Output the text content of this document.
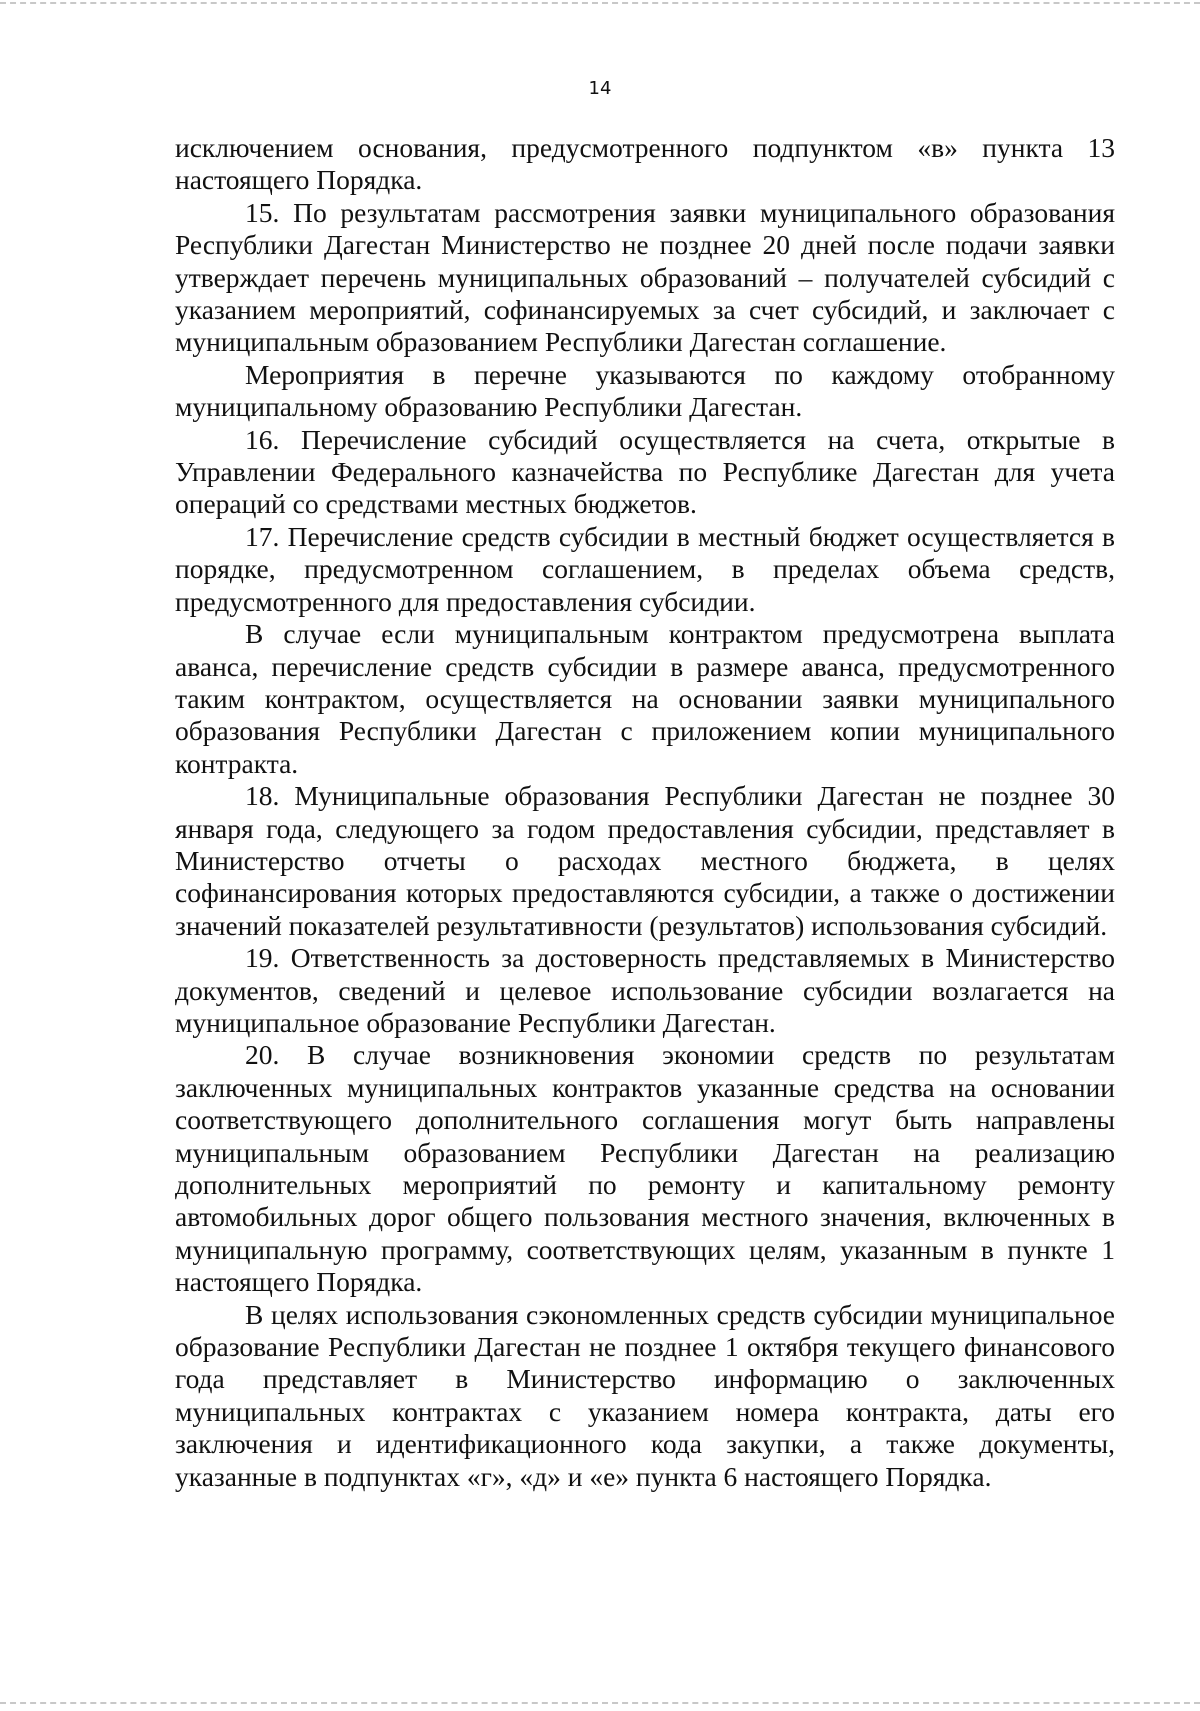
14

исключением основания, предусмотренного подпунктом «в» пункта 13 настоящего Порядка.

15. По результатам рассмотрения заявки муниципального образования Республики Дагестан Министерство не позднее 20 дней после подачи заявки утверждает перечень муниципальных образований – получателей субсидий с указанием мероприятий, софинансируемых за счет субсидий, и заключает с муниципальным образованием Республики Дагестан соглашение.

Мероприятия в перечне указываются по каждому отобранному муниципальному образованию Республики Дагестан.

16. Перечисление субсидий осуществляется на счета, открытые в Управлении Федерального казначейства по Республике Дагестан для учета операций со средствами местных бюджетов.

17. Перечисление средств субсидии в местный бюджет осуществляется в порядке, предусмотренном соглашением, в пределах объема средств, предусмотренного для предоставления субсидии.

В случае если муниципальным контрактом предусмотрена выплата аванса, перечисление средств субсидии в размере аванса, предусмотренного таким контрактом, осуществляется на основании заявки муниципального образования Республики Дагестан с приложением копии муниципального контракта.

18. Муниципальные образования Республики Дагестан не позднее 30 января года, следующего за годом предоставления субсидии, представляет в Министерство отчеты о расходах местного бюджета, в целях софинансирования которых предоставляются субсидии, а также о достижении значений показателей результативности (результатов) использования субсидий.

19. Ответственность за достоверность представляемых в Министерство документов, сведений и целевое использование субсидии возлагается на муниципальное образование Республики Дагестан.

20. В случае возникновения экономии средств по результатам заключенных муниципальных контрактов указанные средства на основании соответствующего дополнительного соглашения могут быть направлены муниципальным образованием Республики Дагестан на реализацию дополнительных мероприятий по ремонту и капитальному ремонту автомобильных дорог общего пользования местного значения, включенных в муниципальную программу, соответствующих целям, указанным в пункте 1 настоящего Порядка.

В целях использования сэкономленных средств субсидии муниципальное образование Республики Дагестан не позднее 1 октября текущего финансового года представляет в Министерство информацию о заключенных муниципальных контрактах с указанием номера контракта, даты его заключения и идентификационного кода закупки, а также документы, указанные в подпунктах «г», «д» и «е» пункта 6 настоящего Порядка.
